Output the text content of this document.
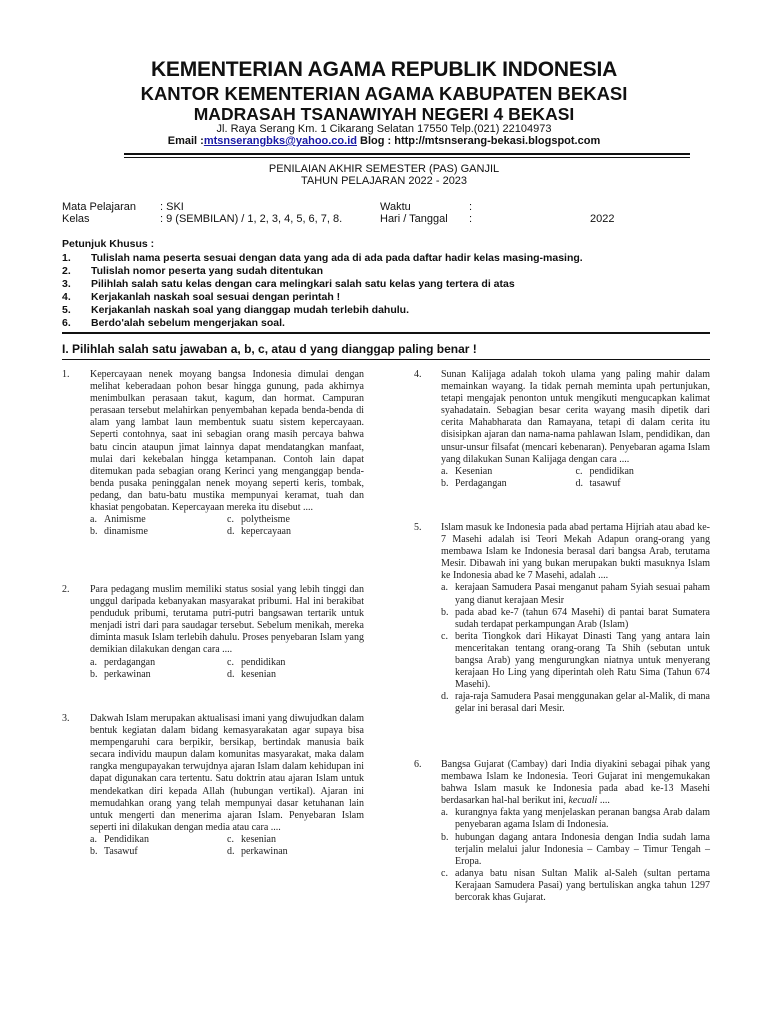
KEMENTERIAN AGAMA REPUBLIK INDONESIA
KANTOR KEMENTERIAN AGAMA KABUPATEN BEKASI
MADRASAH TSANAWIYAH NEGERI 4 BEKASI
Jl. Raya Serang Km. 1 Cikarang Selatan 17550 Telp.(021) 22104973
Email :mtsnserangbks@yahoo.co.id Blog : http://mtsnserang-bekasi.blogspot.com
PENILAIAN AKHIR SEMESTER (PAS) GANJIL
TAHUN PELAJARAN 2022 - 2023
Mata Pelajaran : SKI
Kelas	: 9 (SEMBILAN) / 1, 2, 3, 4, 5, 6, 7, 8.
Waktu	:
Hari / Tanggal :	2022
Petunjuk Khusus :
1. Tulislah nama peserta sesuai dengan data yang ada di ada pada daftar hadir kelas masing-masing.
2. Tulislah nomor peserta yang sudah ditentukan
3. Pilihlah salah satu kelas dengan cara melingkari salah satu kelas yang tertera di atas
4. Kerjakanlah naskah soal sesuai dengan perintah !
5. Kerjakanlah naskah soal yang dianggap mudah terlebih dahulu.
6. Berdo'alah sebelum mengerjakan soal.
I. Pilihlah salah satu jawaban a, b, c, atau d yang dianggap paling benar !
1. Kepercayaan nenek moyang bangsa Indonesia dimulai dengan melihat keberadaan pohon besar hingga gunung, pada akhirnya menimbulkan perasaan takut, kagum, dan hormat. Campuran perasaan tersebut melahirkan penyembahan kepada benda-benda di alam yang lambat laun membentuk suatu sistem kepercayaan. Seperti contohnya, saat ini sebagian orang masih percaya bahwa batu cincin ataupun jimat lainnya dapat mendatangkan manfaat, mulai dari kekebalan hingga ketampanan. Contoh lain dapat ditemukan pada sebagian orang Kerinci yang menganggap benda-benda pusaka peninggalan nenek moyang seperti keris, tombak, pedang, dan batu-batu mustika mempunyai keramat, tuah dan khasiat pengobatan. Kepercayaan mereka itu disebut ....
a. Animisme	c. polytheisme
b. dinamisme	d. kepercayaan
2. Para pedagang muslim memiliki status sosial yang lebih tinggi dan unggul daripada kebanyakan masyarakat pribumi. Hal ini berakibat penduduk pribumi, terutama putri-putri bangsawan tertarik untuk menjadi istri dari para saudagar tersebut. Sebelum menikah, mereka diminta masuk Islam terlebih dahulu. Proses penyebaran Islam yang demikian dilakukan dengan cara ....
a. perdagangan	c. pendidikan
b. perkawinan	d. kesenian
3. Dakwah Islam merupakan aktualisasi imani yang diwujudkan dalam bentuk kegiatan dalam bidang kemasyarakatan agar supaya bisa mempengaruhi cara berpikir, bersikap, bertindak manusia baik secara individu maupun dalam komunitas masyarakat, maka dalam rangka mengupayakan terwujdnya ajaran Islam dalam kehidupan ini dapat digunakan cara tertentu. Satu doktrin atau ajaran Islam untuk mendekatkan diri kepada Allah (hubungan vertikal). Ajaran ini memudahkan orang yang telah mempunyai dasar ketuhanan lain untuk mengerti dan menerima ajaran Islam. Penyebaran Islam seperti ini dilakukan dengan media atau cara ....
a. Pendidikan	c. kesenian
b. Tasawuf	d. perkawinan
4. Sunan Kalijaga adalah tokoh ulama yang paling mahir dalam memainkan wayang. Ia tidak pernah meminta upah pertunjukan, tetapi mengajak penonton untuk mengikuti mengucapkan kalimat syahadatain. Sebagian besar cerita wayang masih dipetik dari cerita Mahabharata dan Ramayana, tetapi di dalam cerita itu disisipkan ajaran dan nama-nama pahlawan Islam, pendidikan, dan unsur-unsur filsafat (mencari kebenaran). Penyebaran agama Islam yang dilakukan Sunan Kalijaga dengan cara ....
a. Kesenian	c. pendidikan
b. Perdagangan	d. tasawuf
5. Islam masuk ke Indonesia pada abad pertama Hijriah atau abad ke-7 Masehi adalah isi Teori Mekah Adapun orang-orang yang membawa Islam ke Indonesia berasal dari bangsa Arab, terutama Mesir. Dibawah ini yang bukan merupakan bukti masuknya Islam ke Indonesia abad ke 7 Masehi, adalah ....
a. kerajaan Samudera Pasai menganut paham Syiah sesuai paham yang dianut kerajaan Mesir
b. pada abad ke-7 (tahun 674 Masehi) di pantai barat Sumatera sudah terdapat perkampungan Arab (Islam)
c. berita Tiongkok dari Hikayat Dinasti Tang yang antara lain menceritakan tentang orang-orang Ta Shih (sebutan untuk bangsa Arab) yang mengurungkan niatnya untuk menyerang kerajaan Ho Ling yang diperintah oleh Ratu Sima (Tahun 674 Masehi).
d. raja-raja Samudera Pasai menggunakan gelar al-Malik, di mana gelar ini berasal dari Mesir.
6. Bangsa Gujarat (Cambay) dari India diyakini sebagai pihak yang membawa Islam ke Indonesia. Teori Gujarat ini mengemukakan bahwa Islam masuk ke Indonesia pada abad ke-13 Masehi berdasarkan hal-hal berikut ini, kecuali ....
a. kurangnya fakta yang menjelaskan peranan bangsa Arab dalam penyebaran agama Islam di Indonesia.
b. hubungan dagang antara Indonesia dengan India sudah lama terjalin melalui jalur Indonesia – Cambay – Timur Tengah – Eropa.
c. adanya batu nisan Sultan Malik al-Saleh (sultan pertama Kerajaan Samudera Pasai) yang bertuliskan angka tahun 1297 bercorak khas Gujarat.
